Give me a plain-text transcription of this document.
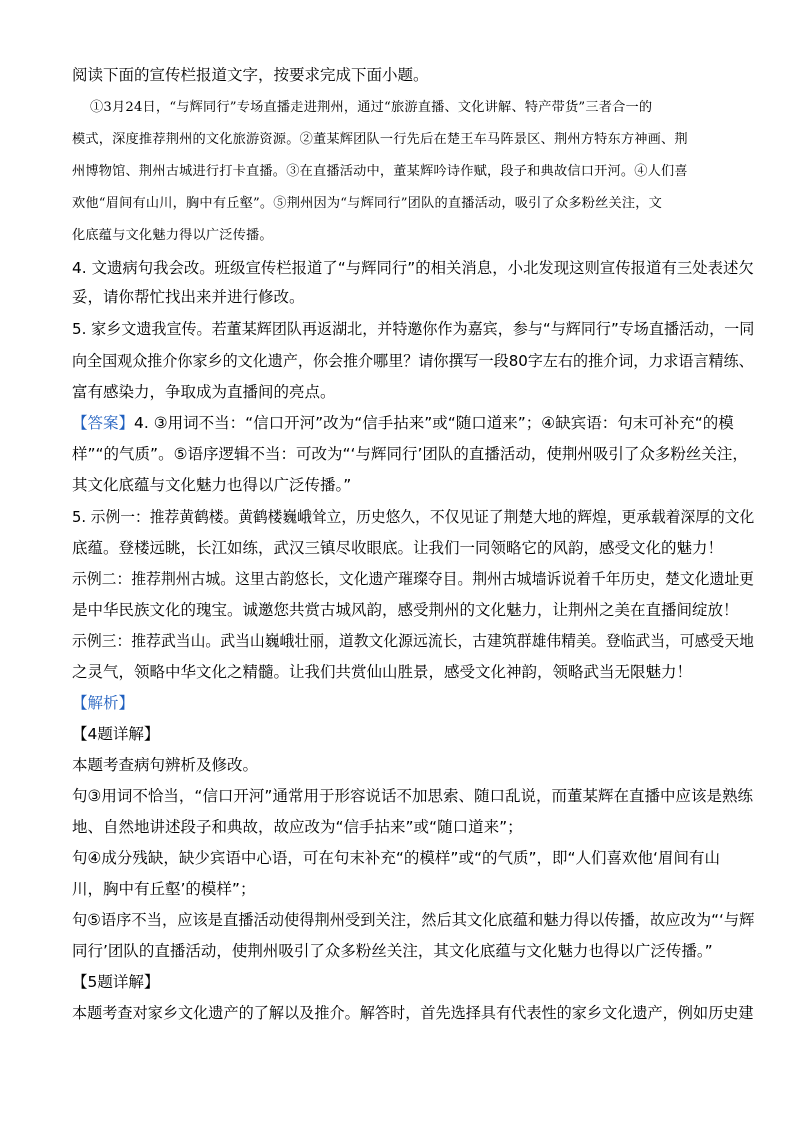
阅读下面的宣传栏报道文字，按要求完成下面小题。
①3月24日，“与辉同行”专场直播走进荆州，通过“旅游直播、文化讲解、特产带货”三者合一的
模式，深度推荐荆州的文化旅游资源。②董某辉团队一行先后在楚王车马阵景区、荆州方特东方神画、荆
州博物馆、荆州古城进行打卡直播。③在直播活动中，董某辉吟诗作赋，段子和典故信口开河。④人们喜
欢他“眉间有山川，胸中有丘壑”。⑤荆州因为“与辉同行”团队的直播活动，吸引了众多粉丝关注，文
化底蕴与文化魅力得以广泛传播。
4. 文遗病句我会改。班级宣传栏报道了“与辉同行”的相关消息，小北发现这则宣传报道有三处表述欠
妥，请你帮忙找出来并进行修改。
5. 家乡文遗我宣传。若董某辉团队再返湖北，并特邀你作为嘉宾，参与“与辉同行”专场直播活动，一同
向全国观众推介你家乡的文化遗产，你会推介哪里？请你撰写一段80字左右的推介词，力求语言精练、
富有感染力，争取成为直播间的亮点。
【答案】4. ③用词不当：“信口开河”改为“信手拈来”或“随口道来”；④缺宾语：句末可补充“的模
样”“的气质”。⑤语序逻辑不当：可改为“‘与辉同行’团队的直播活动，使荆州吸引了众多粉丝关注，
其文化底蕴与文化魅力也得以广泛传播。”
5. 示例一：推荐黄鹤楼。黄鹤楼巍峨耸立，历史悠久，不仅见证了荆楚大地的辉煌，更承载着深厚的文化
底蕴。登楼远眺，长江如练，武汉三镇尽收眼底。让我们一同领略它的风韵，感受文化的魅力！
示例二：推荐荆州古城。这里古韵悠长，文化遗产璀璨夺目。荆州古城墙诉说着千年历史，楚文化遗址更
是中华民族文化的瑰宝。诚邀您共赏古城风韵，感受荆州的文化魅力，让荆州之美在直播间绽放！
示例三：推荐武当山。武当山巍峨壮丽，道教文化源远流长，古建筑群雄伟精美。登临武当，可感受天地
之灵气，领略中华文化之精髓。让我们共赏仙山胜景，感受文化神韵，领略武当无限魅力！
【解析】
【4题详解】
本题考查病句辨析及修改。
句③用词不恰当，“信口开河”通常用于形容说话不加思索、随口乱说，而董某辉在直播中应该是熟练
地、自然地讲述段子和典故，故应改为“信手拈来”或“随口道来”；
句④成分残缺，缺少宾语中心语，可在句末补充“的模样”或“的气质”，即“人们喜欢他‘眉间有山
川，胸中有丘壑’的模样”；
句⑤语序不当，应该是直播活动使得荆州受到关注，然后其文化底蕴和魅力得以传播，故应改为“‘与辉
同行’团队的直播活动，使荆州吸引了众多粉丝关注，其文化底蕴与文化魅力也得以广泛传播。”
【5题详解】
本题考查对家乡文化遗产的了解以及推介。解答时，首先选择具有代表性的家乡文化遗产，例如历史建
